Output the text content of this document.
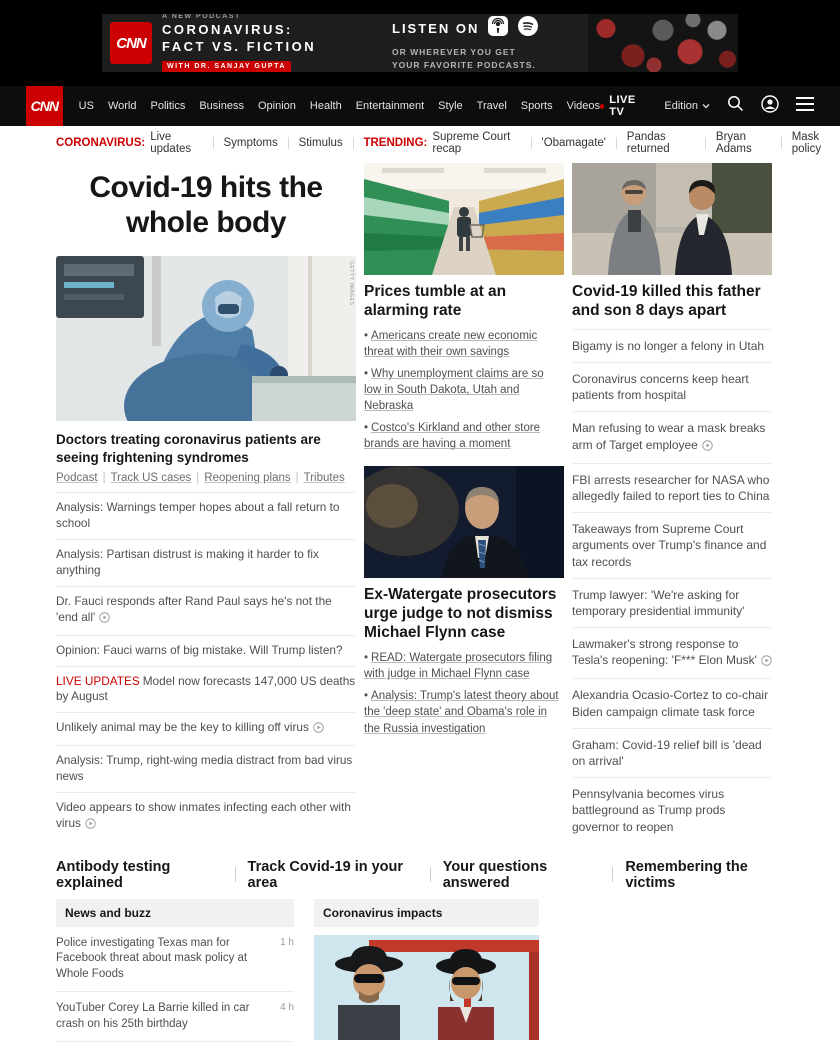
CNN
A NEW PODCAST
CORONAVIRUS:
FACT VS. FICTION
WITH DR. SANJAY GUPTA
LISTEN ON
OR WHEREVER YOU GET
YOUR FAVORITE PODCASTS.
CNN	US World Politics Business Opinion Health Entertainment Style Travel Sports Videos LIVE TV	Edition
CORONAVIRUS: Live updates	Symptoms Stimulus TRENDING: Supreme Court recap	'Obamagate' Pandas returned
Bryan Adams
Mask policy
Covid-19 hits the whole body
GETTY IMAGES
Doctors treating coronavirus patients are seeing frightening syndromes
Podcast | Track US cases | Reopening plans | Tributes
Analysis: Warnings temper hopes about a fall return to school
Analysis: Partisan distrust is making it harder to fix anything
Dr. Fauci responds after Rand Paul says he's not the 'end all'
Opinion: Fauci warns of big mistake. Will Trump listen?
LIVE UPDATES Model now forecasts 147,000 US deaths by August
Unlikely animal may be the key to killing off virus
Analysis: Trump, right-wing media distract from bad virus news
Video appears to show inmates infecting each other with virus
Prices tumble at an alarming rate
• Americans create new economic threat with their own savings
• Why unemployment claims are so low in South Dakota, Utah and Nebraska
• Costco's Kirkland and other store brands are having a moment
Ex-Watergate prosecutors urge judge to not dismiss Michael Flynn case
• READ: Watergate prosecutors filing with judge in Michael Flynn case
• Analysis: Trump's latest theory about the 'deep state' and Obama's role in the Russia investigation
Covid-19 killed this father and son 8 days apart
Bigamy is no longer a felony in Utah
Coronavirus concerns keep heart patients from hospital
Man refusing to wear a mask breaks arm of Target employee
FBI arrests researcher for NASA who allegedly failed to report ties to China
Takeaways from Supreme Court arguments over Trump's finance and tax records
Trump lawyer: 'We're asking for temporary presidential immunity'
Lawmaker's strong response to Tesla's reopening: 'F*** Elon Musk'
Alexandria Ocasio-Cortez to co-chair Biden campaign climate task force
Graham: Covid-19 relief bill is 'dead on arrival'
Pennsylvania becomes virus battleground as Trump prods governor to reopen
Antibody testing explained
Track Covid-19 in your area
Your questions answered
Remembering the victims
News and buzz
Police investigating Texas man for Facebook threat about mask policy at Whole Foods
1 h
YouTuber Corey La Barrie killed in car crash on his 25th birthday
4 h
Coronavirus impacts
